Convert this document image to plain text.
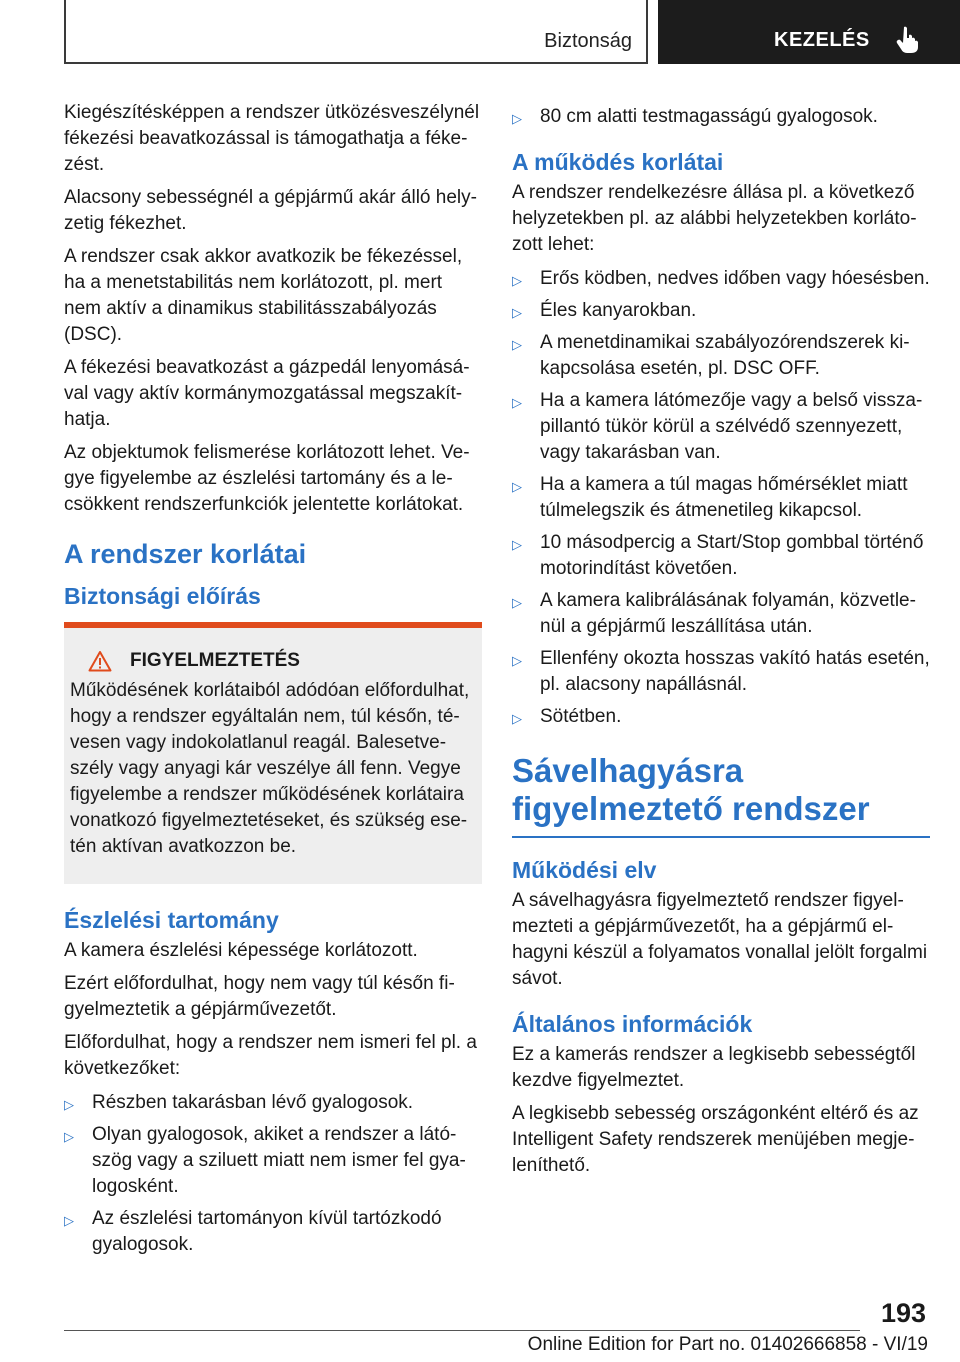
Biztonság	KEZELÉS

Kiegészítésképpen a rendszer ütközésveszélynél fékezési beavatkozással is támogathatja a fékezést.

Alacsony sebességnél a gépjármű akár álló helyzetig fékezhet.

A rendszer csak akkor avatkozik be fékezéssel, ha a menetstabilitás nem korlátozott, pl. mert nem aktív a dinamikus stabilitásszabályozás (DSC).

A fékezési beavatkozást a gázpedál lenyomásával vagy aktív kormánymozgatással megszakíthatja.

Az objektumok felismerése korlátozott lehet. Vegye figyelembe az észlelési tartomány és a lecsökkent rendszerfunkciók jelentette korlátokat.

A rendszer korlátai
Biztonsági előírás
FIGYELMEZTETÉS

Működésének korlátaiból adódóan előfordulhat, hogy a rendszer egyáltalán nem, túl későn, tévesen vagy indokolatlanul reagál. Balesetveszély vagy anyagi kár veszélye áll fenn. Vegye figyelembe a rendszer működésének korlátaira vonatkozó figyelmeztetéseket, és szükség esetén aktívan avatkozzon be.

Észlelési tartomány

A kamera észlelési képessége korlátozott.

Ezért előfordulhat, hogy nem vagy túl későn figyelmeztetik a gépjárművezetőt.

Előfordulhat, hogy a rendszer nem ismeri fel pl. a következőket:

▷ Részben takarásban lévő gyalogosok.
▷ Olyan gyalogosok, akiket a rendszer a látószög vagy a sziluett miatt nem ismer fel gyalogosként.
▷ Az észlelési tartományon kívül tartózkodó gyalogosok.
▷ 80 cm alatti testmagasságú gyalogosok.
A működés korlátai

A rendszer rendelkezésre állása pl. a következő helyzetekben pl. az alábbi helyzetekben korlátozott lehet:

▷ Erős ködben, nedves időben vagy hóesésben.
▷ Éles kanyarokban.
▷ A menetdinamikai szabályozórendszerek kikapcsolása esetén, pl. DSC OFF.
▷ Ha a kamera látómezője vagy a belső visszapillantó tükör körül a szélvédő szennyezett, vagy takarásban van.
▷ Ha a kamera a túl magas hőmérséklet miatt túlmelegszik és átmenetileg kikapcsol.
▷ 10 másodpercig a Start/Stop gombbal történő motorindítást követően.
▷ A kamera kalibrálásának folyamán, közvetlenül a gépjármű leszállítása után.
▷ Ellenfény okozta hosszas vakító hatás esetén, pl. alacsony napállásnál.
▷ Sötétben.
Sávelhagyásra figyelmeztető rendszer
Működési elv

A sávelhagyásra figyelmeztető rendszer figyelmezteti a gépjárművezetőt, ha a gépjármű elhagyni készül a folyamatos vonallal jelölt forgalmi sávot.

Általános információk

Ez a kamerás rendszer a legkisebb sebességtől kezdve figyelmeztet.

A legkisebb sebesség országonként eltérő és az Intelligent Safety rendszerek menüjében megjeleníthető.

193
Online Edition for Part no. 01402666858 - VI/19
